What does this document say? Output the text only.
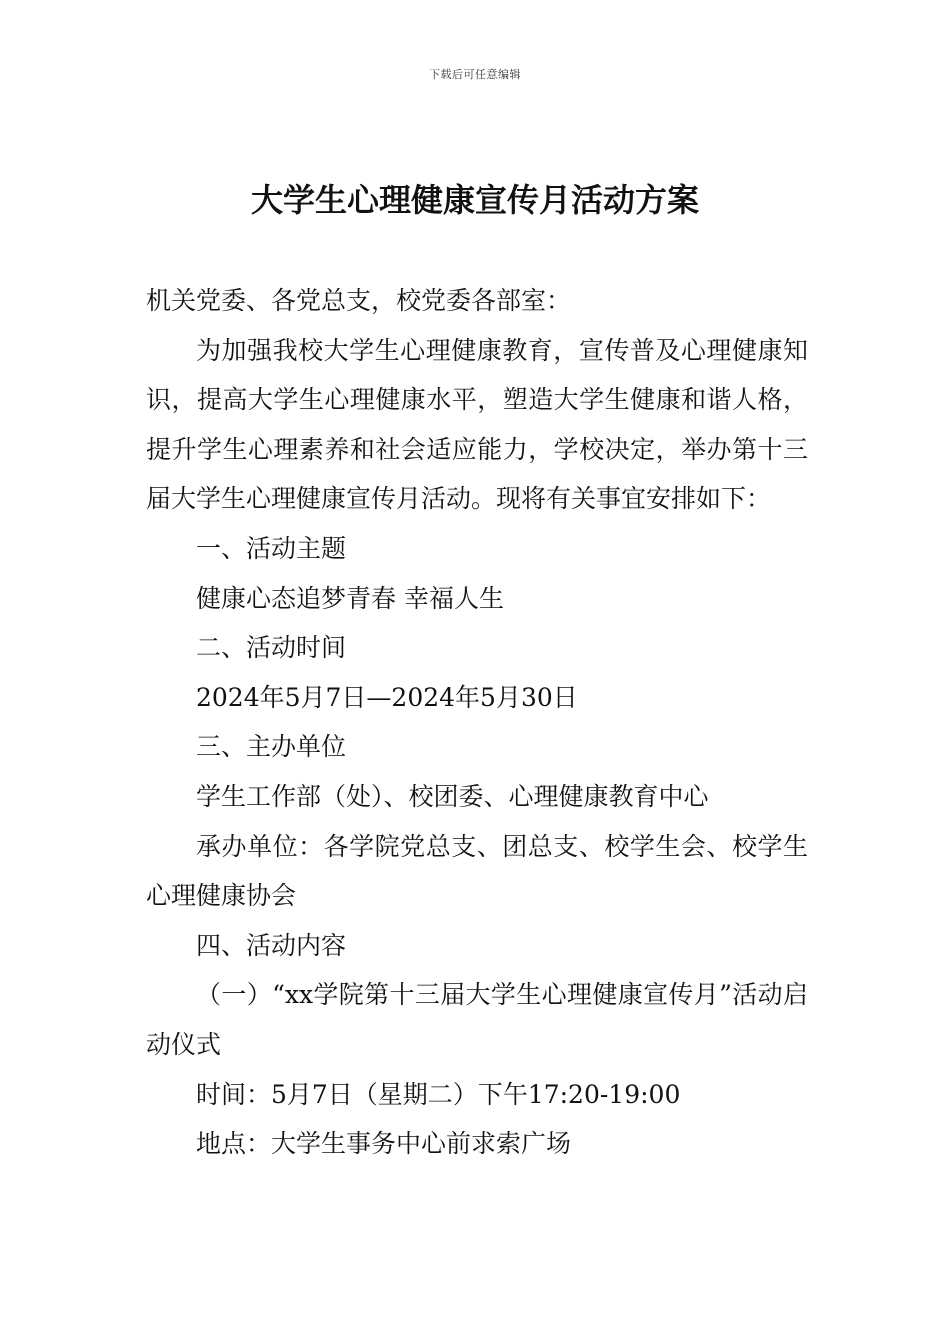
下载后可任意编辑
大学生心理健康宣传月活动方案

机关党委、各党总支，校党委各部室：

为加强我校大学生心理健康教育，宣传普及心理健康知识，提高大学生心理健康水平，塑造大学生健康和谐人格，提升学生心理素养和社会适应能力，学校决定，举办第十三届大学生心理健康宣传月活动。现将有关事宜安排如下：

一、活动主题

健康心态追梦青春 幸福人生

二、活动时间

2024年5月7日—2024年5月30日

三、主办单位

学生工作部（处）、校团委、心理健康教育中心

承办单位：各学院党总支、团总支、校学生会、校学生心理健康协会

四、活动内容

（一）“xx学院第十三届大学生心理健康宣传月”活动启动仪式

时间：5月7日（星期二）下午17:20-19:00

地点：大学生事务中心前求索广场
